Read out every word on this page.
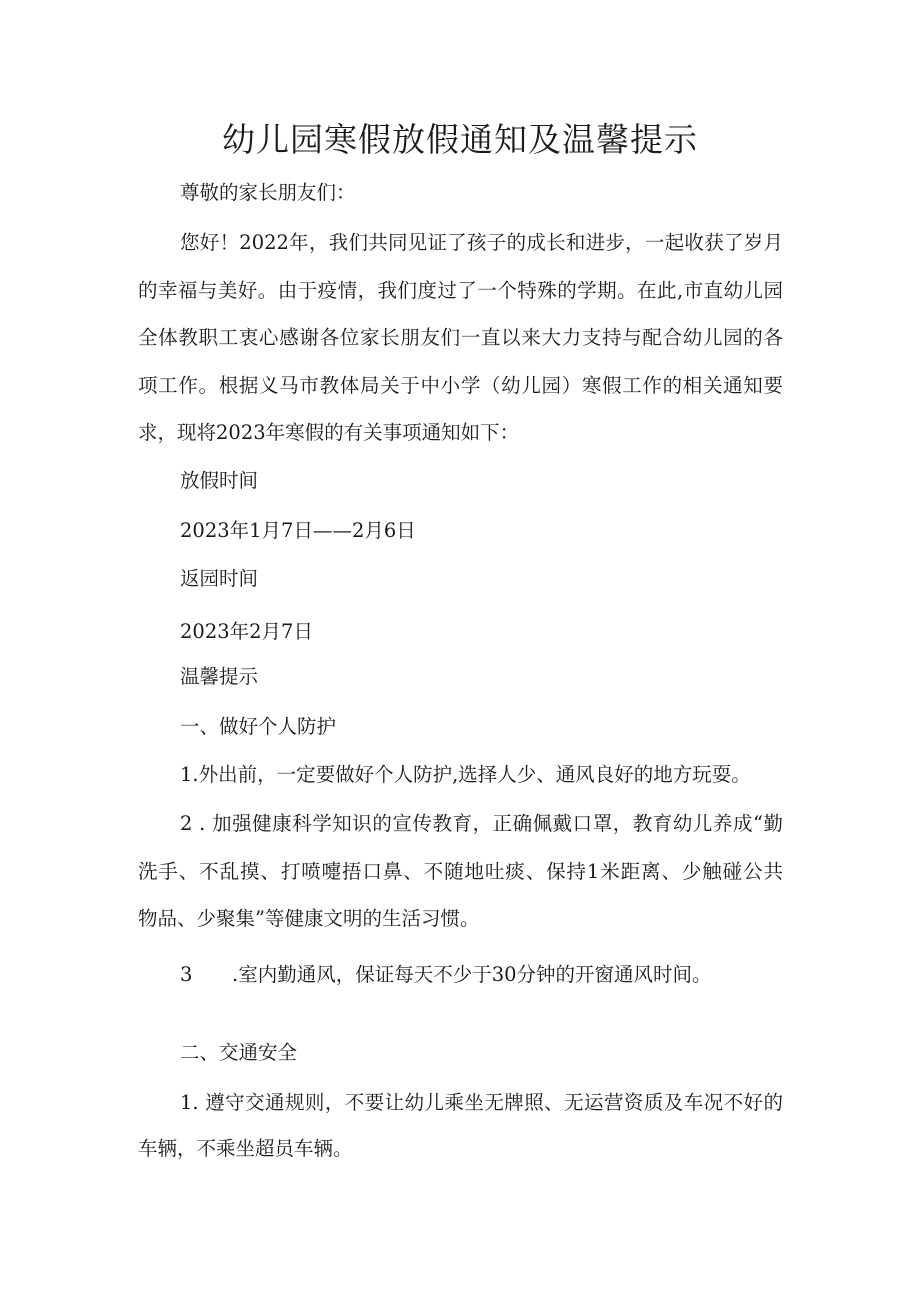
幼儿园寒假放假通知及温馨提示

尊敬的家长朋友们：

您好！2022年，我们共同见证了孩子的成长和进步，一起收获了岁月

的幸福与美好。由于疫情，我们度过了一个特殊的学期。在此,市直幼儿园

全体教职工衷心感谢各位家长朋友们一直以来大力支持与配合幼儿园的各

项工作。根据义马市教体局关于中小学（幼儿园）寒假工作的相关通知要

求，现将2023年寒假的有关事项通知如下：

放假时间

2023年1月7日——2月6日

返园时间

2023年2月7日

温馨提示

一、做好个人防护

1.外出前，一定要做好个人防护,选择人少、通风良好的地方玩耍。

2 . 加强健康科学知识的宣传教育，正确佩戴口罩，教育幼儿养成“勤

洗手、不乱摸、打喷嚏捂口鼻、不随地吐痰、保持1米距离、少触碰公共

物品、少聚集”等健康文明的生活习惯。

3 .室内勤通风，保证每天不少于30分钟的开窗通风时间。

二、交通安全

1. 遵守交通规则，不要让幼儿乘坐无牌照、无运营资质及车况不好的

车辆，不乘坐超员车辆。
